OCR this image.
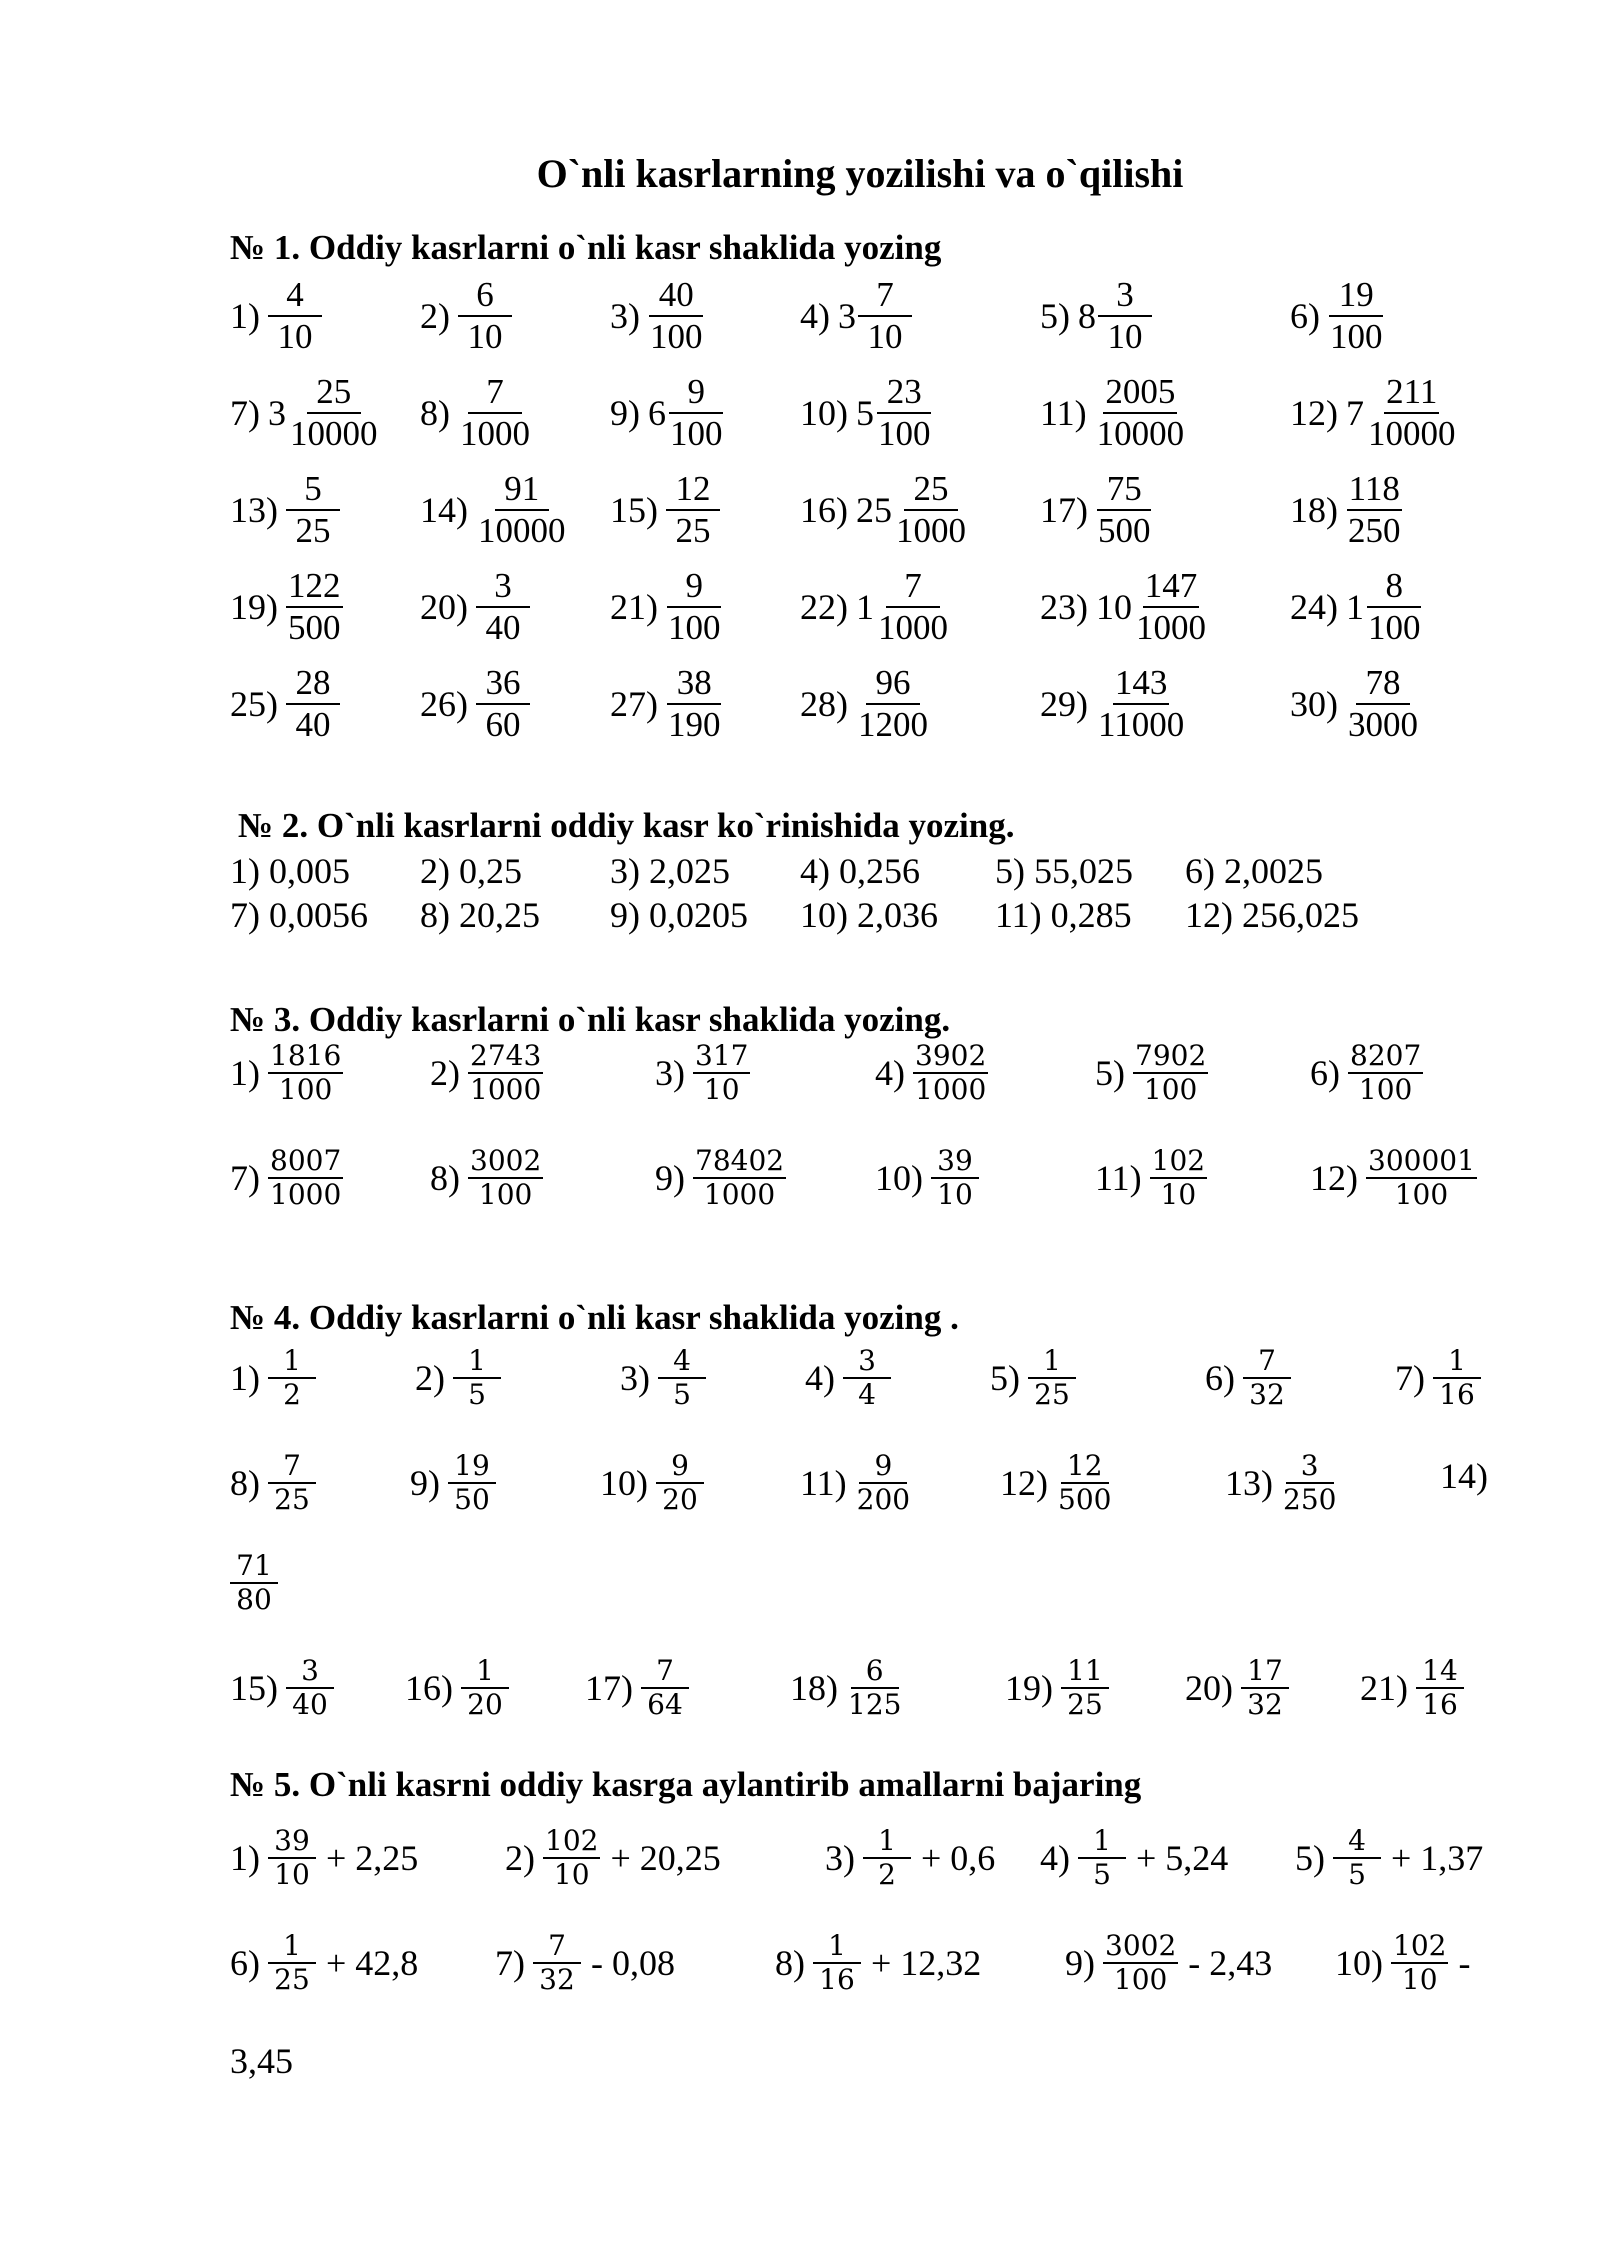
O`nli kasrlarning yozilishi va o`qilishi
№ 1. Oddiy kasrlarni o`nli kasr shaklida yozing
$1) \frac{4}{10}$	$2) \frac{6}{10}$	$3) \frac{40}{100}$	4) $3 \frac{7}{10}$	5) $8 \frac{3}{10}$	$6) \frac{19}{100}$
7) $3 \frac{25}{10000} 8) \frac{7}{1000} 9$) $6 \frac{9}{100} 10$) $5 \frac{23}{100}$	$11) \frac{2005}{10000}$	12) $7 \frac{211}{10000}$
$13) \frac{5}{25} 14) \frac{91}{10000} 15) \frac{12}{25} 16$) $25 \frac{25}{1000} 17) \frac{75}{500}$	$18) \frac{118}{250}$
$19) \frac{122}{500} 20) \frac{3}{40} 21) \frac{9}{100} 22$) $1 \frac{7}{1000}$	23) $10 \frac{147}{1000} 24$) $1 \frac{8}{100}$
$25) \frac{28}{40} 26) \frac{36}{60} 27) \frac{38}{190} 28) \frac{96}{1200}$	$29) \frac{143}{11000}$	$30) \frac{78}{3000}$
№ 2. O`nli kasrlarni oddiy kasr ko`rinishida yozing.
1) 0,005 2) 0,25 3) 2,025 4) 0,256 5) 55,025 6) 2,0025
7) 0,0056 8) 20,25 9) 0,0205 10) 2,036 11) 0,285 12) 256,025
№ 3. Oddiy kasrlarni o`nli kasr shaklida yozing.
$1) \frac{1816}{100} 2) \frac{2743}{1000}$	$3) \frac{317}{10}$	$4) \frac{3902}{1000}$	$5) \frac{7902}{100}$	$6) \frac{8207}{100}$
$7) \frac{8007}{1000} 8) \frac{3002}{100}$	$9) \frac{78402}{1000} 10) \frac{39}{10}$	$11) \frac{102}{10}$	$12) \frac{300001}{100}$
№ 4. Oddiy kasrlarni o`nli kasr shaklida yozing .
$1) \frac{1}{2}$	$2) \frac{1}{5}$	$3) \frac{4}{5}$	$4) \frac{3}{4}$	$5) \frac{1}{25}$	$6) \frac{7}{32}$	$7) \frac{1}{16}$
$8) \frac{7}{25}$	$9) \frac{19}{50}$	$10) \frac{9}{20}$	$11) \frac{9}{200} 12) \frac{12}{500}$	$13) \frac{3}{250}$	14)
$\frac{71}{80}$
$15) \frac{3}{40} 16) \frac{1}{20} 17) \frac{7}{64}$	$18) \frac{6}{125}$	$19) \frac{11}{25} 20) \frac{17}{32} 21) \frac{14}{16}$
№ 5. O`nli kasrni oddiy kasrga aylantirib amallarni bajaring
$1) \frac{39}{10} + 2,25$ $2) \frac{102}{10} + 20,25$	$3) \frac{1}{2} + 0,6$ $4) \frac{1}{5} + 5,24$ $5) \frac{4}{5} + 1,37$
$6) \frac{1}{25} + 42,8$ $7) \frac{7}{32} - 0,08$	$8) \frac{1}{16} + 12,32$ $9) \frac{3002}{100} - 2,43$ $10) \frac{102}{10}$ -
3,45
